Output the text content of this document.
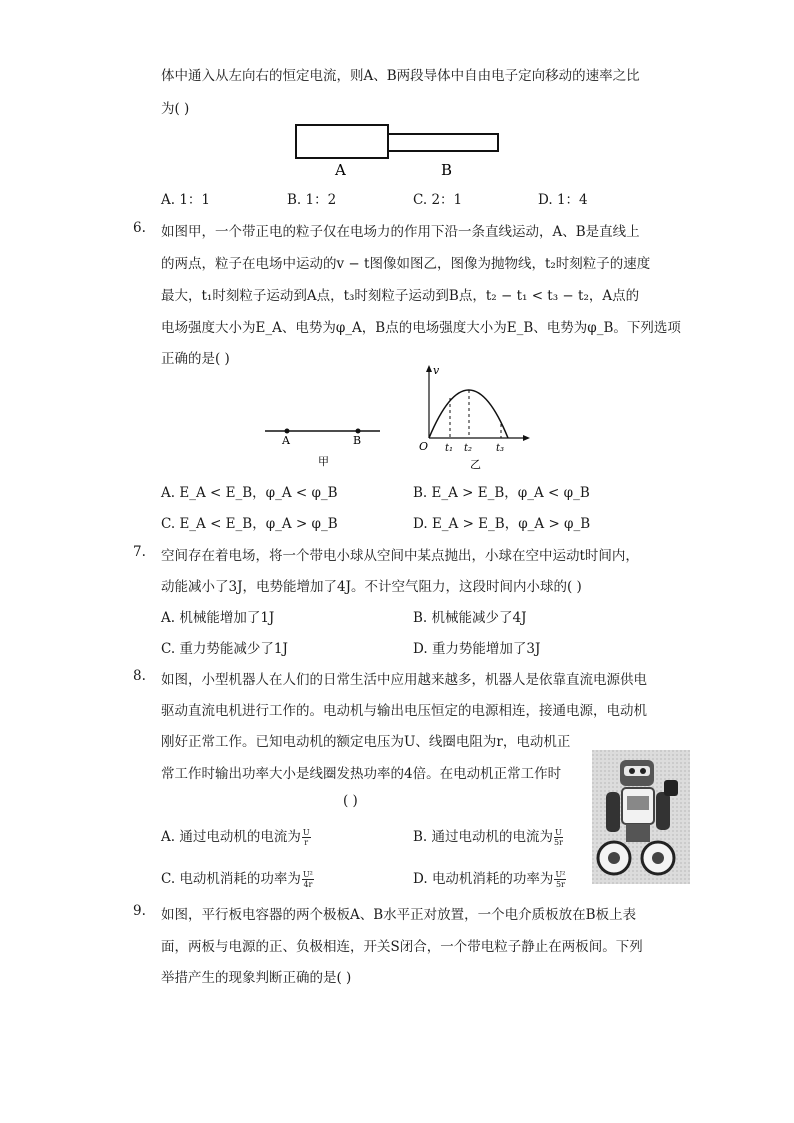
体中通入从左向右的恒定电流，则A、B两段导体中自由电子定向移动的速率之比
为( )
A	B
A. 1：1	B. 1：2	C. 2：1	D. 1：4
6. 如图甲，一个带正电的粒子仅在电场力的作用下沿一条直线运动，A、B是直线上
的两点，粒子在电场中运动的v − t图像如图乙，图像为抛物线，t₂时刻粒子的速度
最大，t₁时刻粒子运动到A点，t₃时刻粒子运动到B点，t₂ − t₁ < t₃ − t₂，A点的
电场强度大小为E_A、电势为φ_A，B点的电场强度大小为E_B、电势为φ_B。下列选项
正确的是( )
A	B
甲
v
O t₁ t₂ t₃
乙
A. E_A < E_B，φ_A < φ_B	B. E_A > E_B，φ_A < φ_B
C. E_A < E_B，φ_A > φ_B	D. E_A > E_B，φ_A > φ_B
7. 空间存在着电场，将一个带电小球从空间中某点抛出，小球在空中运动t时间内，
动能减小了3J，电势能增加了4J。不计空气阻力，这段时间内小球的( )
A. 机械能增加了1J	B. 机械能减少了4J
C. 重力势能减少了1J	D. 重力势能增加了3J
8. 如图，小型机器人在人们的日常生活中应用越来越多，机器人是依靠直流电源供电
驱动直流电机进行工作的。电动机与输出电压恒定的电源相连，接通电源，电动机
刚好正常工作。已知电动机的额定电压为U、线圈电阻为r，电动机正
常工作时输出功率大小是线圈发热功率的4倍。在电动机正常工作时
( )
A. 通过电动机的电流为 $\frac{U}{r}$	B. 通过电动机的电流为 $\frac{U}{5r}$
C. 电动机消耗的功率为 $\frac{\text{U²}}{4r}$	D. 电动机消耗的功率为 $\frac{\text{U²}}{5r}$
9. 如图，平行板电容器的两个极板A、B水平正对放置，一个电介质板放在B板上表
面，两板与电源的正、负极相连，开关S闭合，一个带电粒子静止在两板间。下列
举措产生的现象判断正确的是( )
